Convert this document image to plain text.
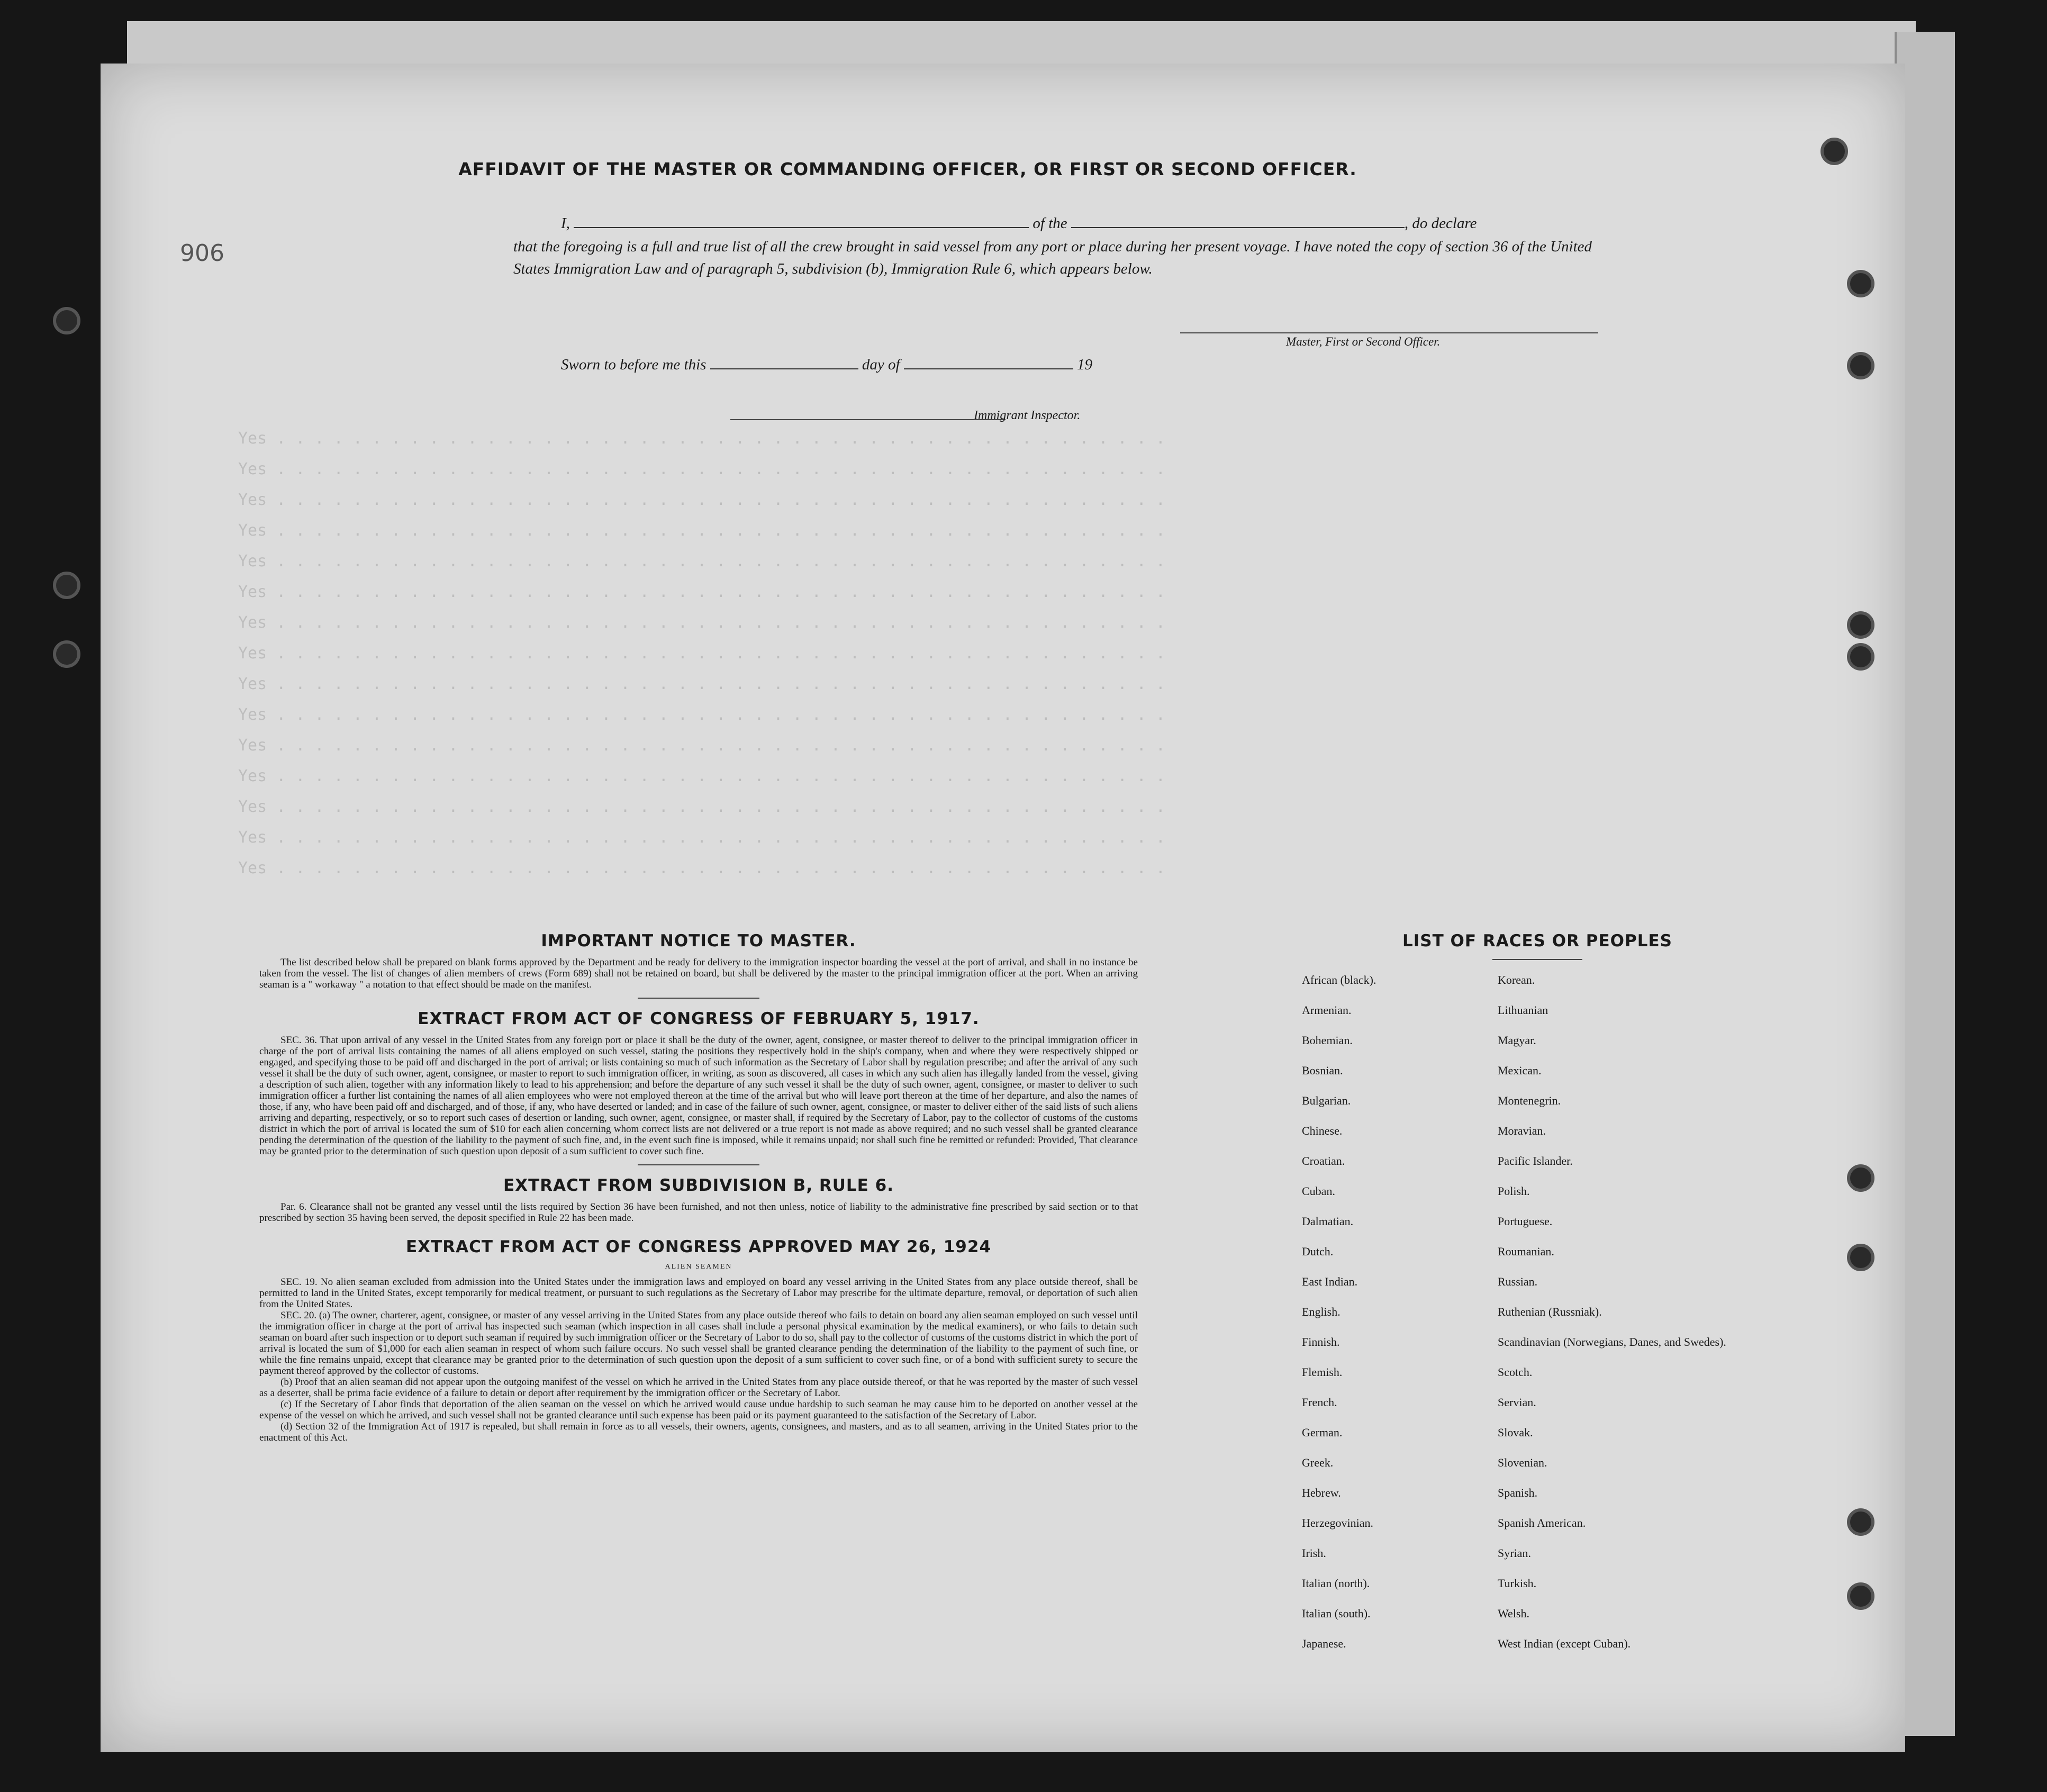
906
Yes . . . . . . . . . . . . . . . . . . . . . . . . . . . . . . . . . . . . . . . . . . . . . . .
Yes . . . . . . . . . . . . . . . . . . . . . . . . . . . . . . . . . . . . . . . . . . . . . . .
Yes . . . . . . . . . . . . . . . . . . . . . . . . . . . . . . . . . . . . . . . . . . . . . . .
Yes . . . . . . . . . . . . . . . . . . . . . . . . . . . . . . . . . . . . . . . . . . . . . . .
Yes . . . . . . . . . . . . . . . . . . . . . . . . . . . . . . . . . . . . . . . . . . . . . . .
Yes . . . . . . . . . . . . . . . . . . . . . . . . . . . . . . . . . . . . . . . . . . . . . . .
Yes . . . . . . . . . . . . . . . . . . . . . . . . . . . . . . . . . . . . . . . . . . . . . . .
Yes . . . . . . . . . . . . . . . . . . . . . . . . . . . . . . . . . . . . . . . . . . . . . . .
Yes . . . . . . . . . . . . . . . . . . . . . . . . . . . . . . . . . . . . . . . . . . . . . . .
Yes . . . . . . . . . . . . . . . . . . . . . . . . . . . . . . . . . . . . . . . . . . . . . . .
Yes . . . . . . . . . . . . . . . . . . . . . . . . . . . . . . . . . . . . . . . . . . . . . . .
Yes . . . . . . . . . . . . . . . . . . . . . . . . . . . . . . . . . . . . . . . . . . . . . . .
Yes . . . . . . . . . . . . . . . . . . . . . . . . . . . . . . . . . . . . . . . . . . . . . . .
Yes . . . . . . . . . . . . . . . . . . . . . . . . . . . . . . . . . . . . . . . . . . . . . . .
Yes . . . . . . . . . . . . . . . . . . . . . . . . . . . . . . . . . . . . . . . . . . . . . . .
AFFIDAVIT OF THE MASTER OR COMMANDING OFFICER, OR FIRST OR SECOND OFFICER.
I,	of the	, do declare
that the foregoing is a full and true list of all the crew brought in said vessel from any port or place during her present voyage. I have noted the copy of section 36 of the United States Immigration Law and of paragraph 5, subdivision (b), Immigration Rule 6, which appears below.
Master, First or Second Officer.
Sworn to before me this	day of	19
Immigrant Inspector.
IMPORTANT NOTICE TO MASTER.

The list described below shall be prepared on blank forms approved by the Department and be ready for delivery to the immigration inspector boarding the vessel at the port of arrival, and shall in no instance be taken from the vessel. The list of changes of alien members of crews (Form 689) shall not be retained on board, but shall be delivered by the master to the principal immigration officer at the port. When an arriving seaman is a " workaway " a notation to that effect should be made on the manifest.

EXTRACT FROM ACT OF CONGRESS OF FEBRUARY 5, 1917.

SEC. 36. That upon arrival of any vessel in the United States from any foreign port or place it shall be the duty of the owner, agent, consignee, or master thereof to deliver to the principal immigration officer in charge of the port of arrival lists containing the names of all aliens employed on such vessel, stating the positions they respectively hold in the ship's company, when and where they were respectively shipped or engaged, and specifying those to be paid off and discharged in the port of arrival; or lists containing so much of such information as the Secretary of Labor shall by regulation prescribe; and after the arrival of any such vessel it shall be the duty of such owner, agent, consignee, or master to report to such immigration officer, in writing, as soon as discovered, all cases in which any such alien has illegally landed from the vessel, giving a description of such alien, together with any information likely to lead to his apprehension; and before the departure of any such vessel it shall be the duty of such owner, agent, consignee, or master to deliver to such immigration officer a further list containing the names of all alien employees who were not employed thereon at the time of the arrival but who will leave port thereon at the time of her departure, and also the names of those, if any, who have been paid off and discharged, and of those, if any, who have deserted or landed; and in case of the failure of such owner, agent, consignee, or master to deliver either of the said lists of such aliens arriving and departing, respectively, or so to report such cases of desertion or landing, such owner, agent, consignee, or master shall, if required by the Secretary of Labor, pay to the collector of customs of the customs district in which the port of arrival is located the sum of $10 for each alien concerning whom correct lists are not delivered or a true report is not made as above required; and no such vessel shall be granted clearance pending the determination of the question of the liability to the payment of such fine, and, in the event such fine is imposed, while it remains unpaid; nor shall such fine be remitted or refunded: Provided, That clearance may be granted prior to the determination of such question upon deposit of a sum sufficient to cover such fine.

EXTRACT FROM SUBDIVISION B, RULE 6.

Par. 6. Clearance shall not be granted any vessel until the lists required by Section 36 have been furnished, and not then unless, notice of liability to the administrative fine prescribed by said section or to that prescribed by section 35 having been served, the deposit specified in Rule 22 has been made.

EXTRACT FROM ACT OF CONGRESS APPROVED MAY 26, 1924
ALIEN SEAMEN

SEC. 19. No alien seaman excluded from admission into the United States under the immigration laws and employed on board any vessel arriving in the United States from any place outside thereof, shall be permitted to land in the United States, except temporarily for medical treatment, or pursuant to such regulations as the Secretary of Labor may prescribe for the ultimate departure, removal, or deportation of such alien from the United States.

SEC. 20. (a) The owner, charterer, agent, consignee, or master of any vessel arriving in the United States from any place outside thereof who fails to detain on board any alien seaman employed on such vessel until the immigration officer in charge at the port of arrival has inspected such seaman (which inspection in all cases shall include a personal physical examination by the medical examiners), or who fails to detain such seaman on board after such inspection or to deport such seaman if required by such immigration officer or the Secretary of Labor to do so, shall pay to the collector of customs of the customs district in which the port of arrival is located the sum of $1,000 for each alien seaman in respect of whom such failure occurs. No such vessel shall be granted clearance pending the determination of the liability to the payment of such fine, or while the fine remains unpaid, except that clearance may be granted prior to the determination of such question upon the deposit of a sum sufficient to cover such fine, or of a bond with sufficient surety to secure the payment thereof approved by the collector of customs.

(b) Proof that an alien seaman did not appear upon the outgoing manifest of the vessel on which he arrived in the United States from any place outside thereof, or that he was reported by the master of such vessel as a deserter, shall be prima facie evidence of a failure to detain or deport after requirement by the immigration officer or the Secretary of Labor.

(c) If the Secretary of Labor finds that deportation of the alien seaman on the vessel on which he arrived would cause undue hardship to such seaman he may cause him to be deported on another vessel at the expense of the vessel on which he arrived, and such vessel shall not be granted clearance until such expense has been paid or its payment guaranteed to the satisfaction of the Secretary of Labor.

(d) Section 32 of the Immigration Act of 1917 is repealed, but shall remain in force as to all vessels, their owners, agents, consignees, and masters, and as to all seamen, arriving in the United States prior to the enactment of this Act.

LIST OF RACES OR PEOPLES
African (black).	Korean.
Armenian.	Lithuanian
Bohemian.	Magyar.
Bosnian.	Mexican.
Bulgarian.	Montenegrin.
Chinese.	Moravian.
Croatian.	Pacific Islander.
Cuban.	Polish.
Dalmatian.	Portuguese.
Dutch.	Roumanian.
East Indian.	Russian.
English.	Ruthenian (Russniak).
Finnish.	Scandinavian (Norwegians, Danes, and Swedes).
Flemish.	Scotch.
French.	Servian.
German.	Slovak.
Greek.	Slovenian.
Hebrew.	Spanish.
Herzegovinian.	Spanish American.
Irish.	Syrian.
Italian (north).	Turkish.
Italian (south).	Welsh.
Japanese.	West Indian (except Cuban).
